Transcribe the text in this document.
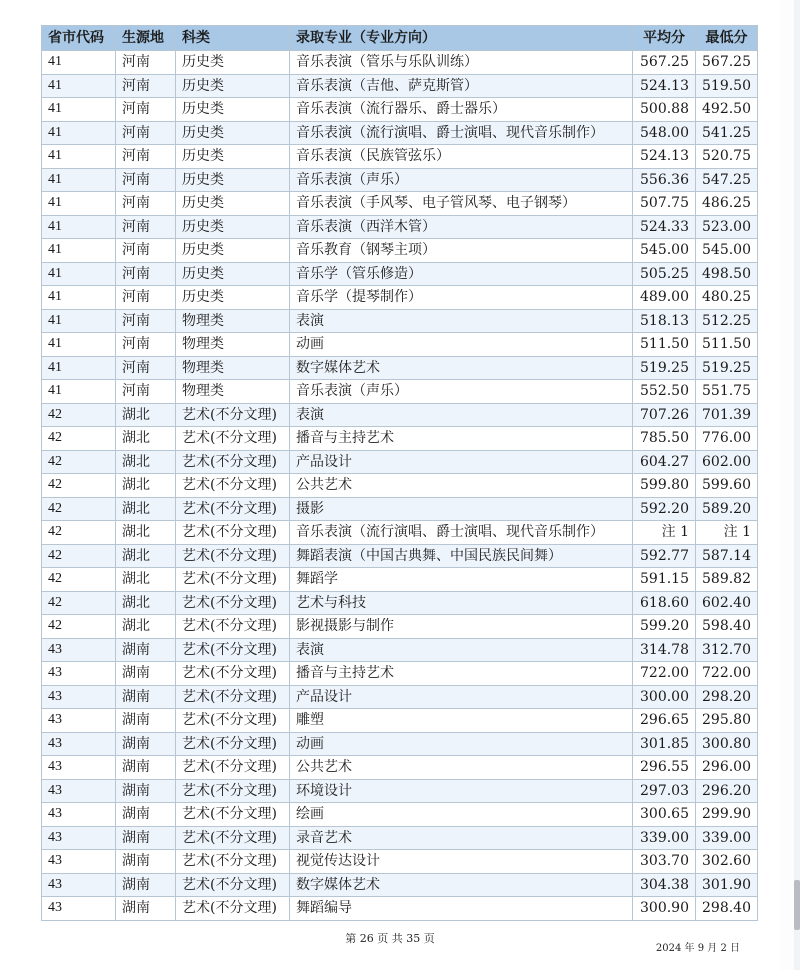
省市代码	生源地	科类	录取专业（专业方向）	平均分	最低分
41	河南	历史类	音乐表演（管乐与乐队训练）	567.25	567.25
41	河南	历史类	音乐表演（吉他、萨克斯管）	524.13	519.50
41	河南	历史类	音乐表演（流行器乐、爵士器乐）	500.88	492.50
41	河南	历史类	音乐表演（流行演唱、爵士演唱、现代音乐制作）	548.00	541.25
41	河南	历史类	音乐表演（民族管弦乐）	524.13	520.75
41	河南	历史类	音乐表演（声乐）	556.36	547.25
41	河南	历史类	音乐表演（手风琴、电子管风琴、电子钢琴）	507.75	486.25
41	河南	历史类	音乐表演（西洋木管）	524.33	523.00
41	河南	历史类	音乐教育（钢琴主项）	545.00	545.00
41	河南	历史类	音乐学（管乐修造）	505.25	498.50
41	河南	历史类	音乐学（提琴制作）	489.00	480.25
41	河南	物理类	表演	518.13	512.25
41	河南	物理类	动画	511.50	511.50
41	河南	物理类	数字媒体艺术	519.25	519.25
41	河南	物理类	音乐表演（声乐）	552.50	551.75
42	湖北	艺术(不分文理)	表演	707.26	701.39
42	湖北	艺术(不分文理)	播音与主持艺术	785.50	776.00
42	湖北	艺术(不分文理)	产品设计	604.27	602.00
42	湖北	艺术(不分文理)	公共艺术	599.80	599.60
42	湖北	艺术(不分文理)	摄影	592.20	589.20
42	湖北	艺术(不分文理)	音乐表演（流行演唱、爵士演唱、现代音乐制作）	注 1	注 1
42	湖北	艺术(不分文理)	舞蹈表演（中国古典舞、中国民族民间舞）	592.77	587.14
42	湖北	艺术(不分文理)	舞蹈学	591.15	589.82
42	湖北	艺术(不分文理)	艺术与科技	618.60	602.40
42	湖北	艺术(不分文理)	影视摄影与制作	599.20	598.40
43	湖南	艺术(不分文理)	表演	314.78	312.70
43	湖南	艺术(不分文理)	播音与主持艺术	722.00	722.00
43	湖南	艺术(不分文理)	产品设计	300.00	298.20
43	湖南	艺术(不分文理)	雕塑	296.65	295.80
43	湖南	艺术(不分文理)	动画	301.85	300.80
43	湖南	艺术(不分文理)	公共艺术	296.55	296.00
43	湖南	艺术(不分文理)	环境设计	297.03	296.20
43	湖南	艺术(不分文理)	绘画	300.65	299.90
43	湖南	艺术(不分文理)	录音艺术	339.00	339.00
43	湖南	艺术(不分文理)	视觉传达设计	303.70	302.60
43	湖南	艺术(不分文理)	数字媒体艺术	304.38	301.90
43	湖南	艺术(不分文理)	舞蹈编导	300.90	298.40
第 26 页 共 35 页
2024 年 9 月 2 日
